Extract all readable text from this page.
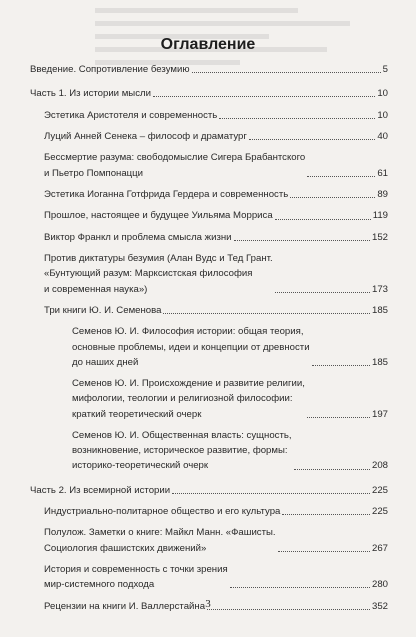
Оглавление
Введение. Сопротивление безумию	5
Часть 1. Из истории мысли	10
Эстетика Аристотеля и современность	10
Луций Анней Сенека – философ и драматург	40
Бессмертие разума: свободомыслие Сигера Брабантского
и Пьетро Помпонацци	61
Эстетика Иоганна Готфрида Гердера и современность	89
Прошлое, настоящее и будущее Уильяма Морриса	119
Виктор Франкл и проблема смысла жизни	152
Против диктатуры безумия (Алан Вудс и Тед Грант.
«Бунтующий разум: Марксистская философия
и современная наука»)	173
Три книги Ю. И. Семенова	185
Семенов Ю. И. Философия истории: общая теория,
основные проблемы, идеи и концепции от древности
до наших дней	185
Семенов Ю. И. Происхождение и развитие религии,
мифологии, теологии и религиозной философии:
краткий теоретический очерк	197
Семенов Ю. И. Общественная власть: сущность,
возникновение, историческое развитие, формы:
историко-теоретический очерк	208
Часть 2. Из всемирной истории	225
Индустриально-политарное общество и его культура	225
Полулож. Заметки о книге: Майкл Манн. «Фашисты.
Социология фашистских движений»	267
История и современность с точки зрения
мир-системного подхода	280
Рецензии на книги И. Валлерстайна	352
3
